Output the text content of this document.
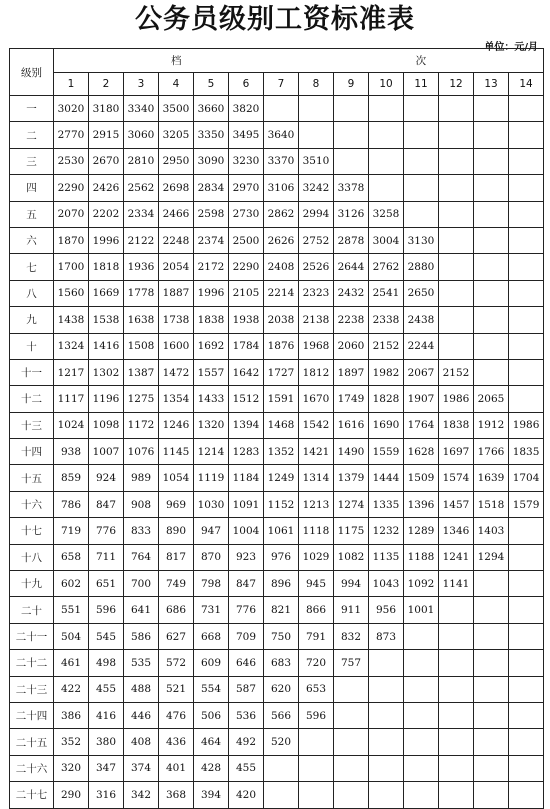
公务员级别工资标准表
单位：元/月
级别	档 次													
	1	2	3	4	5	6	7	8	9	10	11	12	13	14
一	3020	3180	3340	3500	3660	3820								
二	2770	2915	3060	3205	3350	3495	3640							
三	2530	2670	2810	2950	3090	3230	3370	3510						
四	2290	2426	2562	2698	2834	2970	3106	3242	3378					
五	2070	2202	2334	2466	2598	2730	2862	2994	3126	3258				
六	1870	1996	2122	2248	2374	2500	2626	2752	2878	3004	3130			
七	1700	1818	1936	2054	2172	2290	2408	2526	2644	2762	2880			
八	1560	1669	1778	1887	1996	2105	2214	2323	2432	2541	2650			
九	1438	1538	1638	1738	1838	1938	2038	2138	2238	2338	2438			
十	1324	1416	1508	1600	1692	1784	1876	1968	2060	2152	2244			
十一	1217	1302	1387	1472	1557	1642	1727	1812	1897	1982	2067	2152		
十二	1117	1196	1275	1354	1433	1512	1591	1670	1749	1828	1907	1986	2065	
十三	1024	1098	1172	1246	1320	1394	1468	1542	1616	1690	1764	1838	1912	1986
十四	938	1007	1076	1145	1214	1283	1352	1421	1490	1559	1628	1697	1766	1835
十五	859	924	989	1054	1119	1184	1249	1314	1379	1444	1509	1574	1639	1704
十六	786	847	908	969	1030	1091	1152	1213	1274	1335	1396	1457	1518	1579
十七	719	776	833	890	947	1004	1061	1118	1175	1232	1289	1346	1403	
十八	658	711	764	817	870	923	976	1029	1082	1135	1188	1241	1294	
十九	602	651	700	749	798	847	896	945	994	1043	1092	1141		
二十	551	596	641	686	731	776	821	866	911	956	1001			
二十一	504	545	586	627	668	709	750	791	832	873				
二十二	461	498	535	572	609	646	683	720	757					
二十三	422	455	488	521	554	587	620	653						
二十四	386	416	446	476	506	536	566	596						
二十五	352	380	408	436	464	492	520							
二十六	320	347	374	401	428	455								
二十七	290	316	342	368	394	420								
